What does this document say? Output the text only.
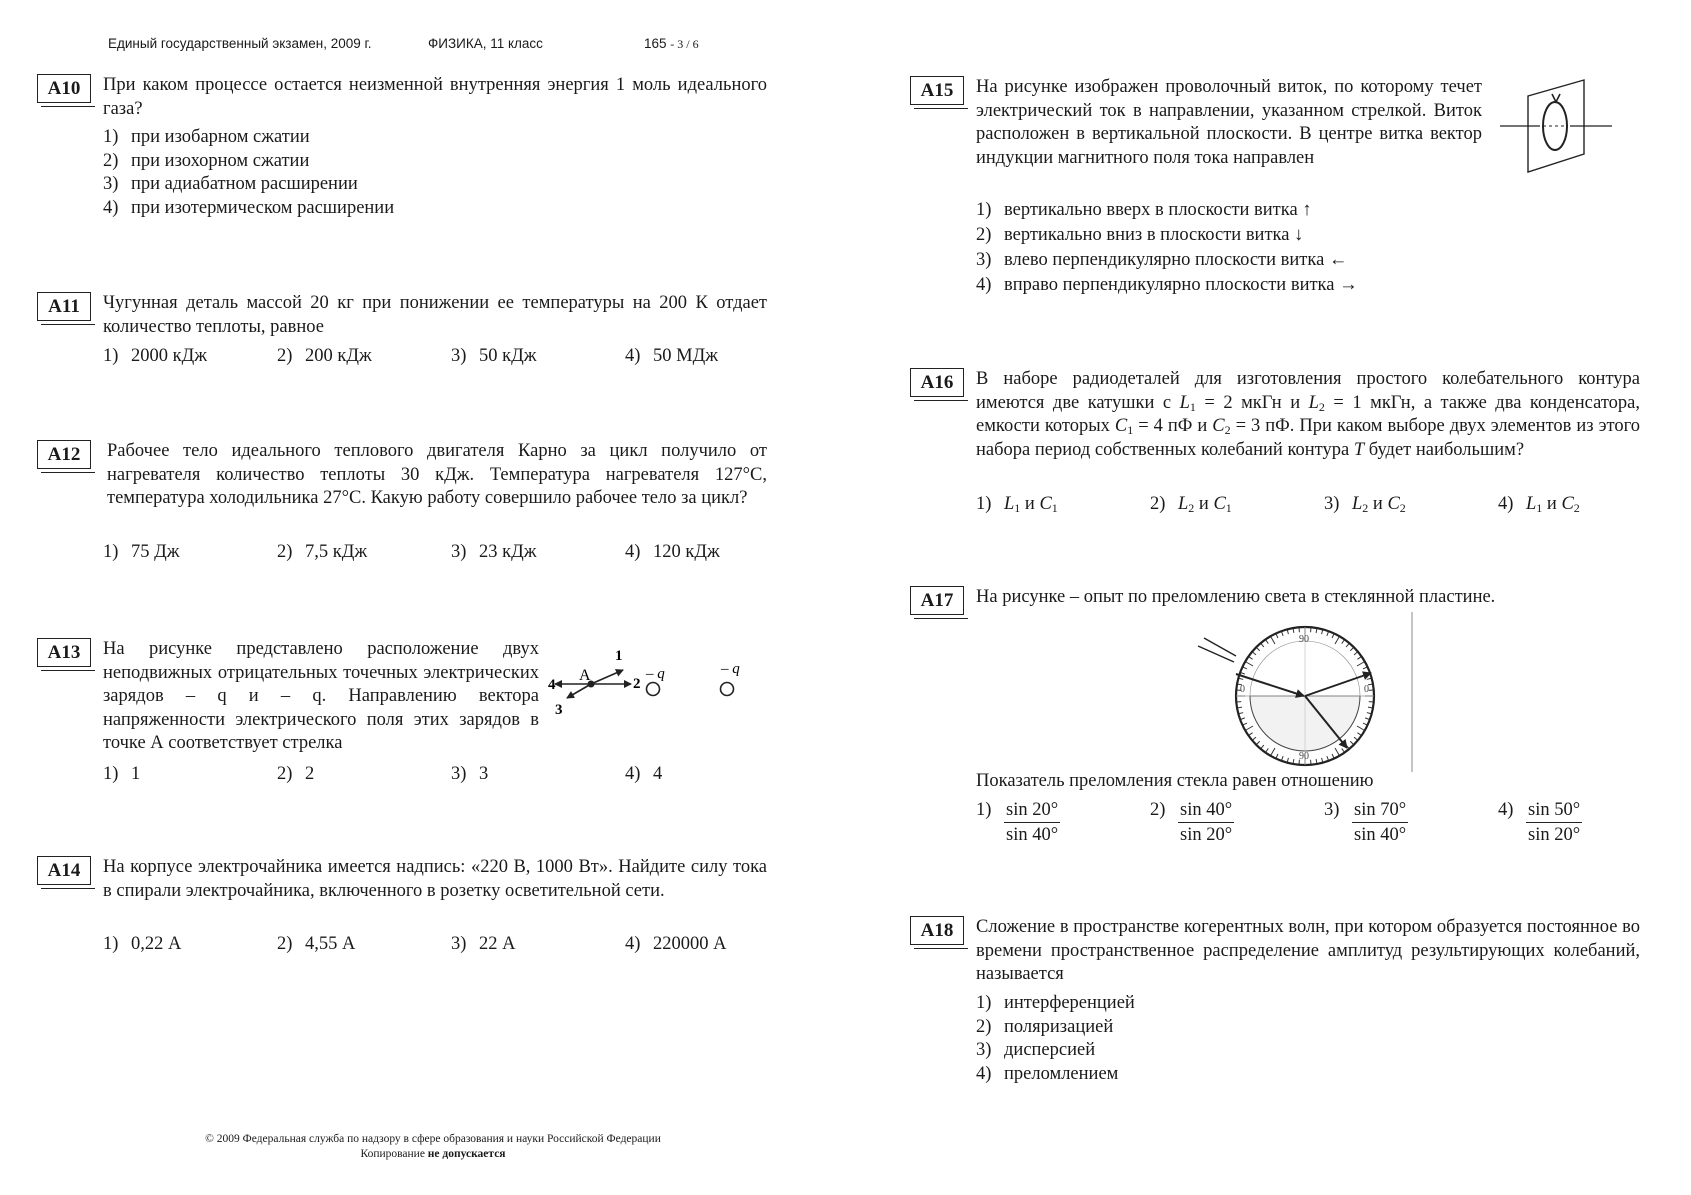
Единый государственный экзамен, 2009 г.	ФИЗИКА, 11 класс	165 - 3 / 6
A10	При каком процессе остается неизменной внутренняя энергия 1 моль идеального газа?
1) при изобарном сжатии
2) при изохорном сжатии
3) при адиабатном расширении
4) при изотермическом расширении
A11	Чугунная деталь массой 20 кг при понижении ее температуры на 200 К отдает количество теплоты, равное
1) 2000 кДж	2) 200 кДж	3) 50 кДж	4) 50 МДж
A12	Рабочее тело идеального теплового двигателя Карно за цикл получило от нагревателя количество теплоты 30 кДж. Температура нагревателя 127°С, температура холодильника 27°С. Какую работу совершило рабочее тело за цикл?
1) 75 Дж	2) 7,5 кДж	3) 23 кДж	4) 120 кДж
A13	На рисунке представлено расположение двух неподвижных отрицательных точечных электрических зарядов – q и – q. Направлению вектора напряженности электрического поля этих зарядов в точке А соответствует стрелка
1
2
3
4
A	– q	– q
1) 1	2) 2	3) 3	4) 4
A14	На корпусе электрочайника имеется надпись: «220 В, 1000 Вт». Найдите силу тока в спирали электрочайника, включенного в розетку осветительной сети.
1) 0,22 А	2) 4,55 А	3) 22 А	4) 220000 А
A15	На рисунке изображен проволочный виток, по которому течет электрический ток в направлении, указанном стрелкой. Виток расположен в вертикальной плоскости. В центре витка вектор индукции магнитного поля тока направлен
1) вертикально вверх в плоскости витка ↑
2) вертикально вниз в плоскости витка ↓
3) влево перпендикулярно плоскости витка ←
4) вправо перпендикулярно плоскости витка →
A16	В наборе радиодеталей для изготовления простого колебательного контура имеются две катушки с $L_1 = 2$ мкГн и $L_2 = 1$ мкГн, а также два конденсатора, емкости которых $C_1 = 4$ пФ и $C_2 = 3$ пФ. При каком выборе двух элементов из этого набора период собственных колебаний контура T будет наибольшим?
1) $L_1$ и $C_1$	2) $L_2$ и $C_1$	3) $L_2$ и $C_2$	4) $L_1$ и $C_2$
A17	На рисунке – опыт по преломлению света в стеклянной пластине.
90
0	0
90
Показатель преломления стекла равен отношению
$1) \frac{\sin 20^\circ}{\sin 40^\circ}$	$2) \frac{\sin 40^\circ}{\sin 20^\circ}$	$3) \frac{\sin 70^\circ}{\sin 40^\circ}$	$4) \frac{\sin 50^\circ}{\sin 20^\circ}$
A18	Сложение в пространстве когерентных волн, при котором образуется постоянное во времени пространственное распределение амплитуд результирующих колебаний, называется
1) интерференцией
2) поляризацией
3) дисперсией
4) преломлением
© 2009 Федеральная служба по надзору в сфере образования и науки Российской Федерации
Копирование не допускается
